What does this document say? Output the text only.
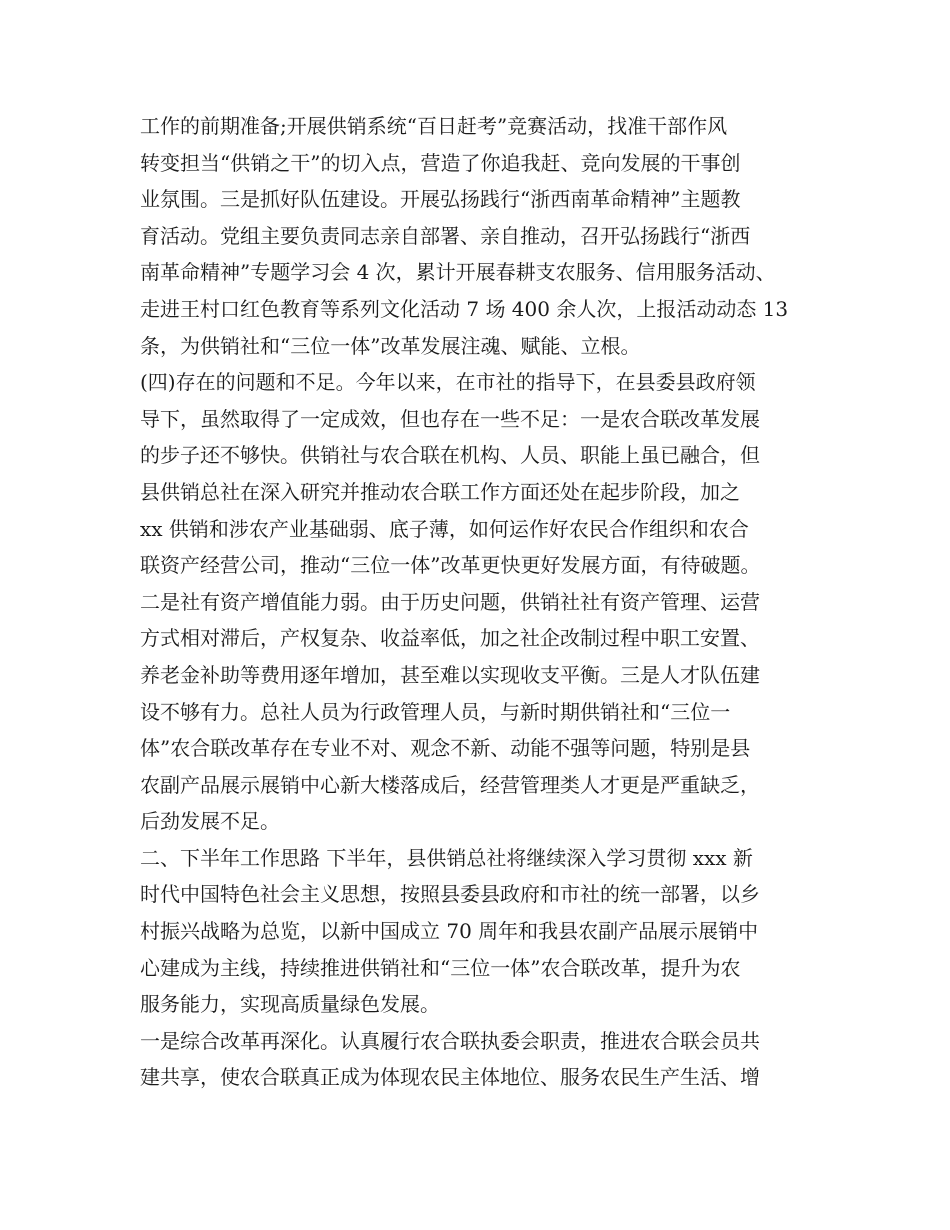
工作的前期准备;开展供销系统“百日赶考”竞赛活动，找准干部作风
转变担当“供销之干”的切入点，营造了你追我赶、竞向发展的干事创
业氛围。三是抓好队伍建设。开展弘扬践行“浙西南革命精神”主题教
育活动。党组主要负责同志亲自部署、亲自推动，召开弘扬践行“浙西
南革命精神”专题学习会 4 次，累计开展春耕支农服务、信用服务活动、
走进王村口红色教育等系列文化活动 7 场 400 余人次，上报活动动态 13
条，为供销社和“三位一体”改革发展注魂、赋能、立根。
(四)存在的问题和不足。今年以来，在市社的指导下，在县委县政府领
导下，虽然取得了一定成效，但也存在一些不足：一是农合联改革发展
的步子还不够快。供销社与农合联在机构、人员、职能上虽已融合，但
县供销总社在深入研究并推动农合联工作方面还处在起步阶段，加之
xx 供销和涉农产业基础弱、底子薄，如何运作好农民合作组织和农合
联资产经营公司，推动“三位一体”改革更快更好发展方面，有待破题。
二是社有资产增值能力弱。由于历史问题，供销社社有资产管理、运营
方式相对滞后，产权复杂、收益率低，加之社企改制过程中职工安置、
养老金补助等费用逐年增加，甚至难以实现收支平衡。三是人才队伍建
设不够有力。总社人员为行政管理人员，与新时期供销社和“三位一
体”农合联改革存在专业不对、观念不新、动能不强等问题，特别是县
农副产品展示展销中心新大楼落成后，经营管理类人才更是严重缺乏，
后劲发展不足。
二、下半年工作思路 下半年，县供销总社将继续深入学习贯彻 xxx 新
时代中国特色社会主义思想，按照县委县政府和市社的统一部署，以乡
村振兴战略为总览，以新中国成立 70 周年和我县农副产品展示展销中
心建成为主线，持续推进供销社和“三位一体”农合联改革，提升为农
服务能力，实现高质量绿色发展。
一是综合改革再深化。认真履行农合联执委会职责，推进农合联会员共
建共享，使农合联真正成为体现农民主体地位、服务农民生产生活、增
